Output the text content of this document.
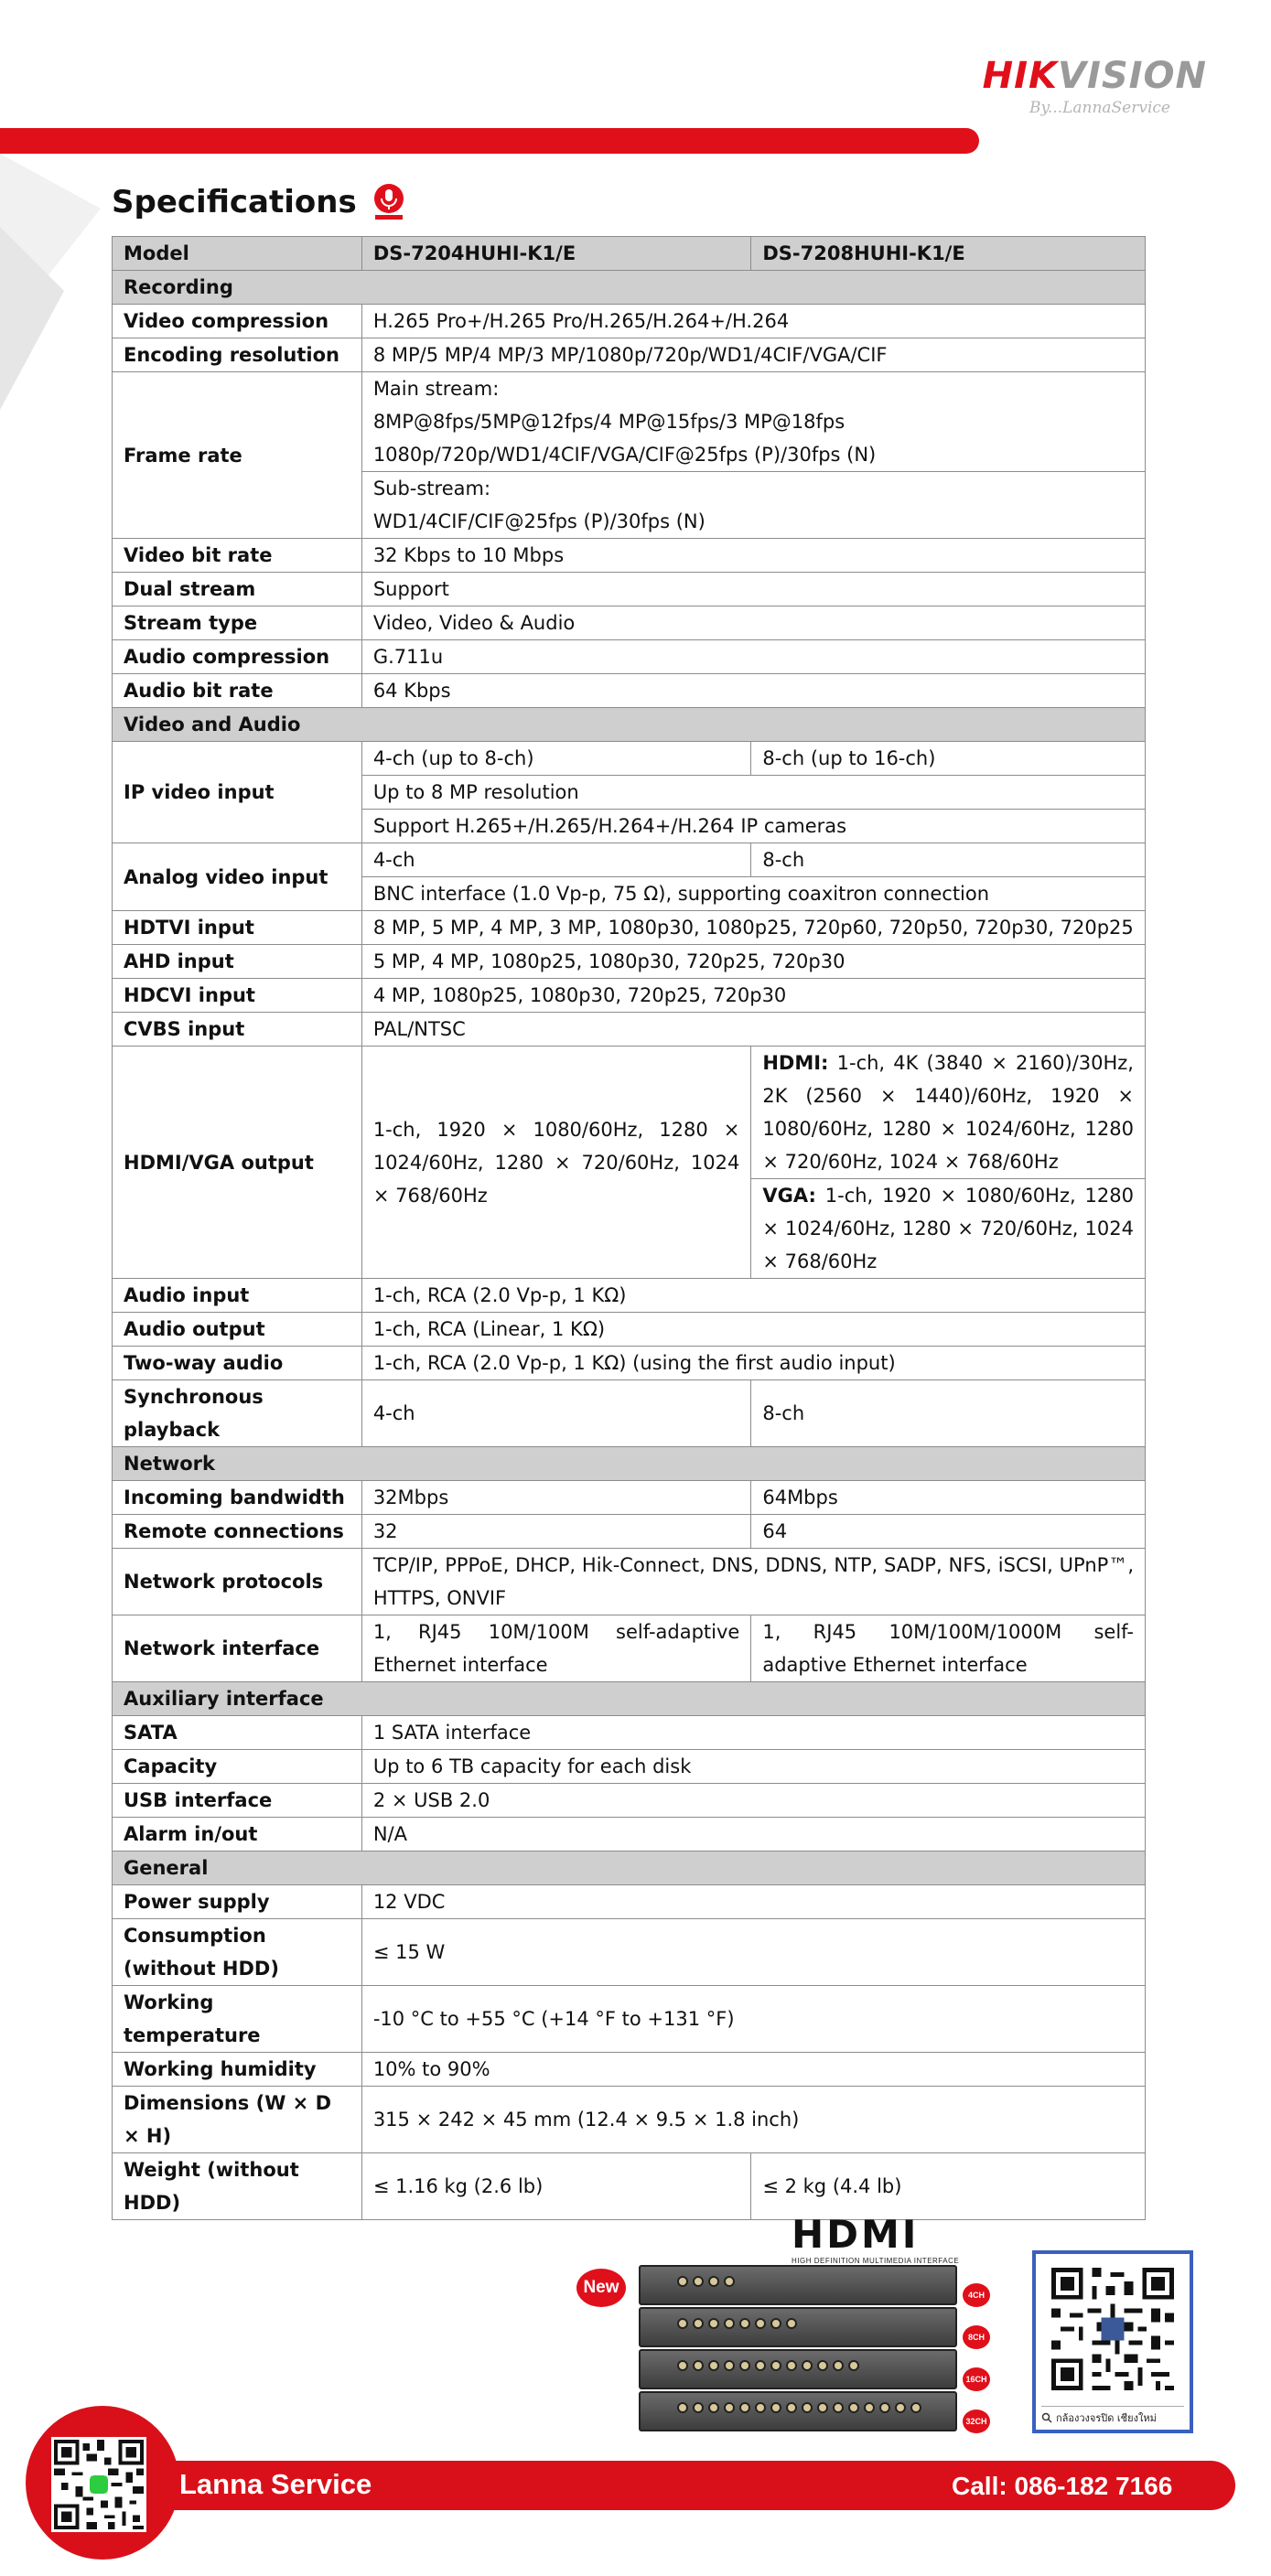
HIKVISION
By...LannaService
Specifications
Model	DS-7204HUHI-K1/E	DS-7208HUHI-K1/E
Recording		
Video compression	H.265 Pro+/H.265 Pro/H.265/H.264+/H.264	
Encoding resolution	8 MP/5 MP/4 MP/3 MP/1080p/720p/WD1/4CIF/VGA/CIF	
Frame rate	Main stream:
8MP@8fps/5MP@12fps/4 MP@15fps/3 MP@18fps
1080p/720p/WD1/4CIF/VGA/CIF@25fps (P)/30fps (N)	

	Sub-stream:
WD1/4CIF/CIF@25fps (P)/30fps (N)	

Video bit rate	32 Kbps to 10 Mbps	
Dual stream	Support	
Stream type	Video, Video & Audio	
Audio compression	G.711u	
Audio bit rate	64 Kbps	
Video and Audio		
IP video input	4-ch (up to 8-ch)	8-ch (up to 16-ch)
	Up to 8 MP resolution	
	Support H.265+/H.265/H.264+/H.264 IP cameras	
Analog video input	4-ch	8-ch
	BNC interface (1.0 Vp-p, 75 Ω), supporting coaxitron connection	
HDTVI input	8 MP, 5 MP, 4 MP, 3 MP, 1080p30, 1080p25, 720p60, 720p50, 720p30, 720p25	
AHD input	5 MP, 4 MP, 1080p25, 1080p30, 720p25, 720p30	
HDCVI input	4 MP, 1080p25, 1080p30, 720p25, 720p30	
CVBS input	PAL/NTSC	
HDMI/VGA output	1-ch, 1920 × 1080/60Hz, 1280 × 1024/60Hz, 1280 × 720/60Hz, 1024 × 768/60Hz	HDMI: 1-ch, 4K (3840 × 2160)/30Hz, 2K (2560 × 1440)/60Hz, 1920 × 1080/60Hz, 1280 × 1024/60Hz, 1280 × 720/60Hz, 1024 × 768/60Hz
		VGA: 1-ch, 1920 × 1080/60Hz, 1280 × 1024/60Hz, 1280 × 720/60Hz, 1024 × 768/60Hz
Audio input	1-ch, RCA (2.0 Vp-p, 1 KΩ)	
Audio output	1-ch, RCA (Linear, 1 KΩ)	
Two-way audio	1-ch, RCA (2.0 Vp-p, 1 KΩ) (using the first audio input)	
Synchronous playback	4-ch	8-ch
Network		
Incoming bandwidth	32Mbps	64Mbps
Remote connections	32	64
Network protocols	TCP/IP, PPPoE, DHCP, Hik-Connect, DNS, DDNS, NTP, SADP, NFS, iSCSI, UPnP™, HTTPS, ONVIF	
Network interface	1, RJ45 10M/100M self-adaptive Ethernet interface	1, RJ45 10M/100M/1000M self-adaptive Ethernet interface
Auxiliary interface		
SATA	1 SATA interface	
Capacity	Up to 6 TB capacity for each disk	
USB interface	2 × USB 2.0	
Alarm in/out	N/A	
General		
Power supply	12 VDC	

Consumption
(without HDD)	≤ 15 W	
Working temperature	-10 °C to +55 °C (+14 °F to +131 °F)	
Working humidity	10% to 90%	
Dimensions (W × D × H)	315 × 242 × 45 mm (12.4 × 9.5 × 1.8 inch)	
Weight (without HDD)	≤ 1.16 kg (2.6 lb)	≤ 2 kg (4.4 lb)
HDMI
HIGH DEFINITION MULTIMEDIA INTERFACE
New	4CH
8CH
16CH
32CH	กล้องวงจรปิด เชียงใหม่
Lanna Service	Call: 086-182 7166
